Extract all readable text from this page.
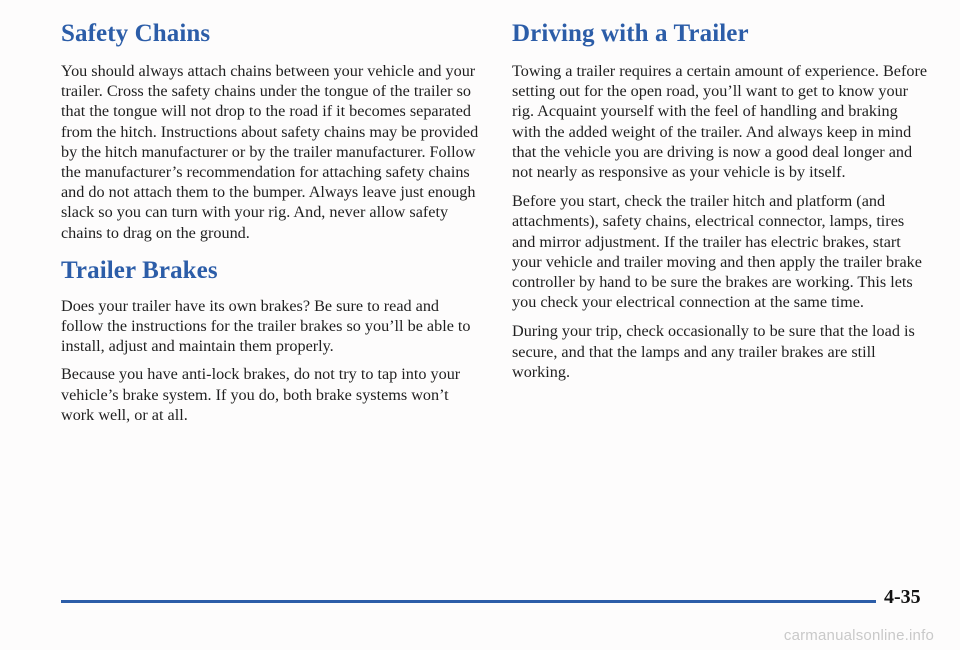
Safety Chains

You should always attach chains between your vehicle and your trailer. Cross the safety chains under the tongue of the trailer so that the tongue will not drop to the road if it becomes separated from the hitch. Instructions about safety chains may be provided by the hitch manufacturer or by the trailer manufacturer. Follow the manufacturer’s recommendation for attaching safety chains and do not attach them to the bumper. Always leave just enough slack so you can turn with your rig. And, never allow safety chains to drag on the ground.

Trailer Brakes

Does your trailer have its own brakes? Be sure to read and follow the instructions for the trailer brakes so you’ll be able to install, adjust and maintain them properly.

Because you have anti-lock brakes, do not try to tap into your vehicle’s brake system. If you do, both brake systems won’t work well, or at all.

Driving with a Trailer

Towing a trailer requires a certain amount of experience. Before setting out for the open road, you’ll want to get to know your rig. Acquaint yourself with the feel of handling and braking with the added weight of the trailer. And always keep in mind that the vehicle you are driving is now a good deal longer and not nearly as responsive as your vehicle is by itself.

Before you start, check the trailer hitch and platform (and attachments), safety chains, electrical connector, lamps, tires and mirror adjustment. If the trailer has electric brakes, start your vehicle and trailer moving and then apply the trailer brake controller by hand to be sure the brakes are working. This lets you check your electrical connection at the same time.

During your trip, check occasionally to be sure that the load is secure, and that the lamps and any trailer brakes are still working.

4-35
carmanualsonline.info
